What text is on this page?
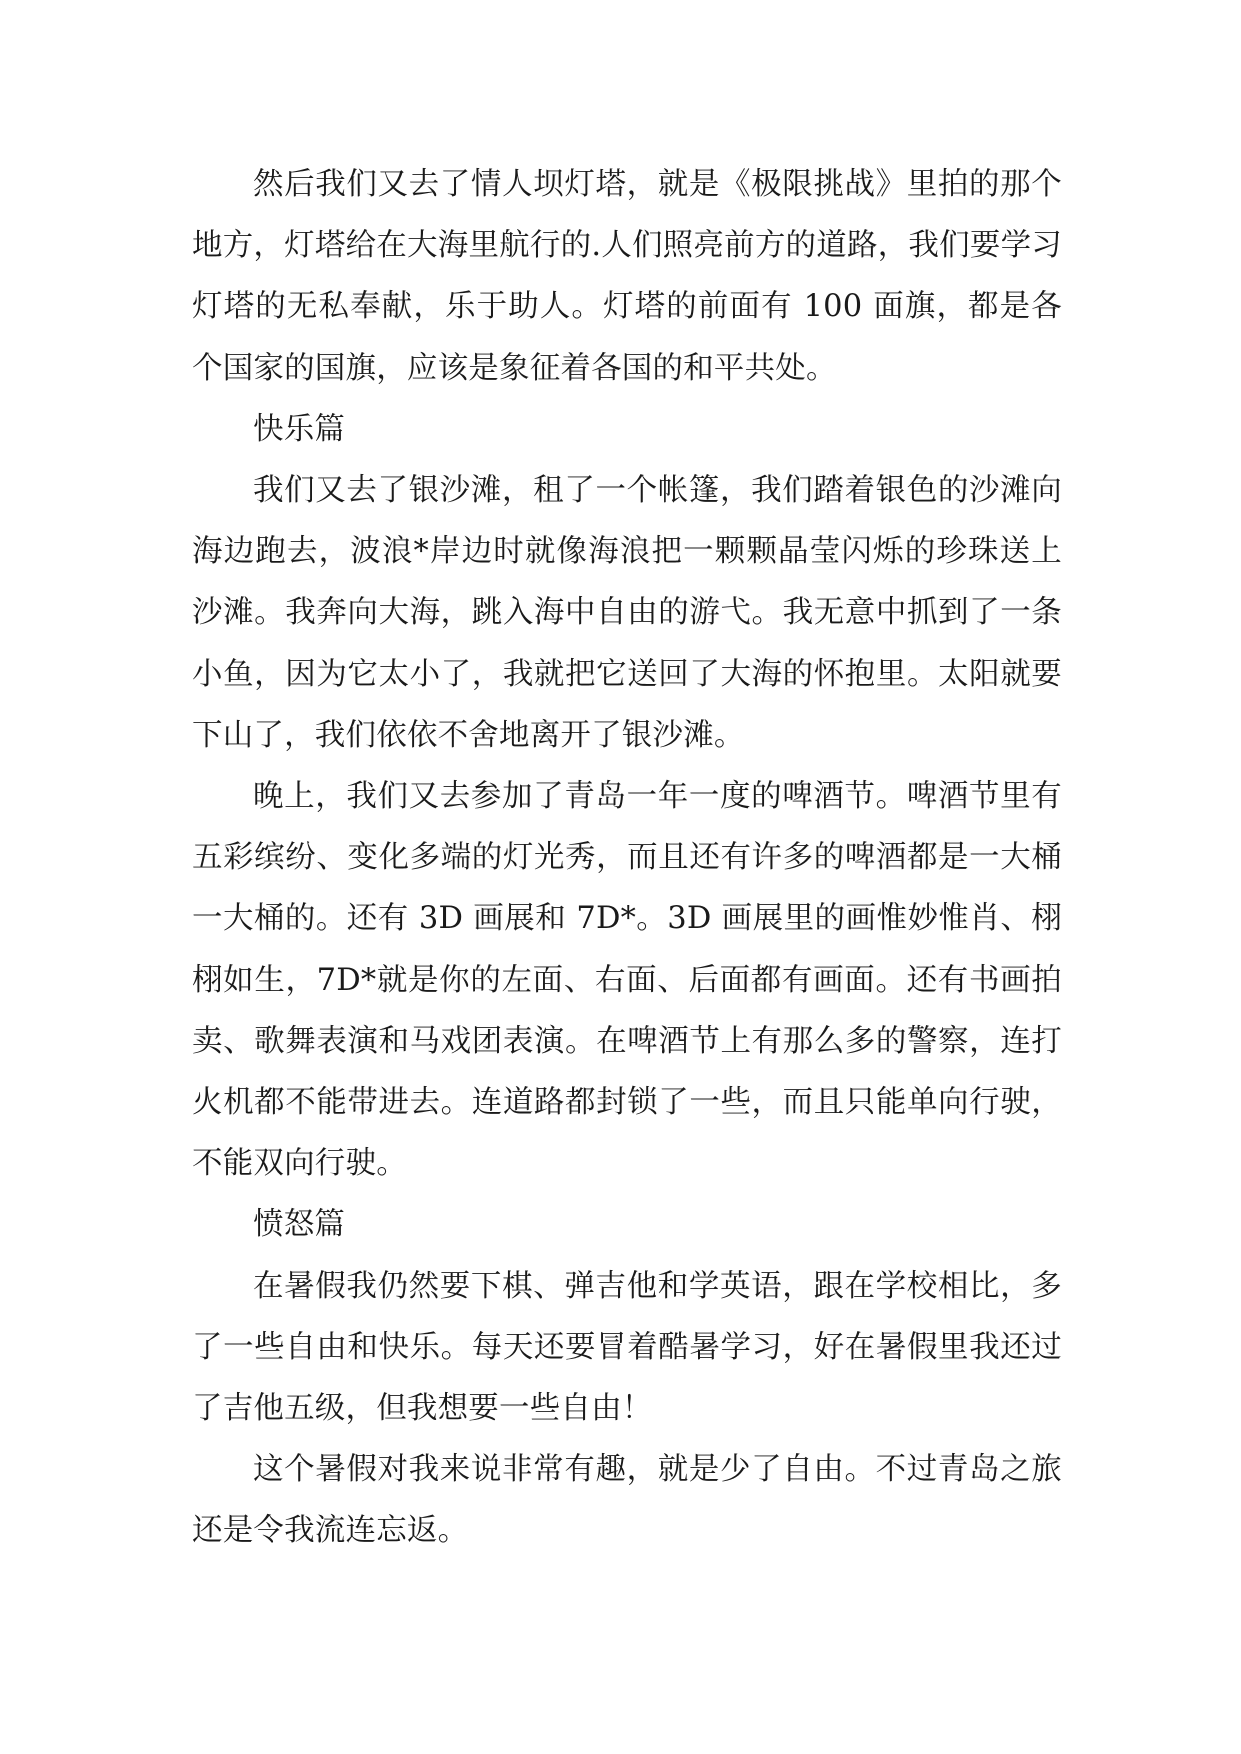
然后我们又去了情人坝灯塔，就是《极限挑战》里拍的那个地方，灯塔给在大海里航行的.人们照亮前方的道路，我们要学习灯塔的无私奉献，乐于助人。灯塔的前面有 100 面旗，都是各个国家的国旗，应该是象征着各国的和平共处。

快乐篇

我们又去了银沙滩，租了一个帐篷，我们踏着银色的沙滩向海边跑去，波浪*岸边时就像海浪把一颗颗晶莹闪烁的珍珠送上沙滩。我奔向大海，跳入海中自由的游弋。我无意中抓到了一条小鱼，因为它太小了，我就把它送回了大海的怀抱里。太阳就要下山了，我们依依不舍地离开了银沙滩。

晚上，我们又去参加了青岛一年一度的啤酒节。啤酒节里有五彩缤纷、变化多端的灯光秀，而且还有许多的啤酒都是一大桶一大桶的。还有 3D 画展和 7D*。3D 画展里的画惟妙惟肖、栩栩如生，7D*就是你的左面、右面、后面都有画面。还有书画拍卖、歌舞表演和马戏团表演。在啤酒节上有那么多的警察，连打火机都不能带进去。连道路都封锁了一些，而且只能单向行驶，不能双向行驶。

愤怒篇

在暑假我仍然要下棋、弹吉他和学英语，跟在学校相比，多了一些自由和快乐。每天还要冒着酷暑学习，好在暑假里我还过了吉他五级，但我想要一些自由！

这个暑假对我来说非常有趣，就是少了自由。不过青岛之旅还是令我流连忘返。
